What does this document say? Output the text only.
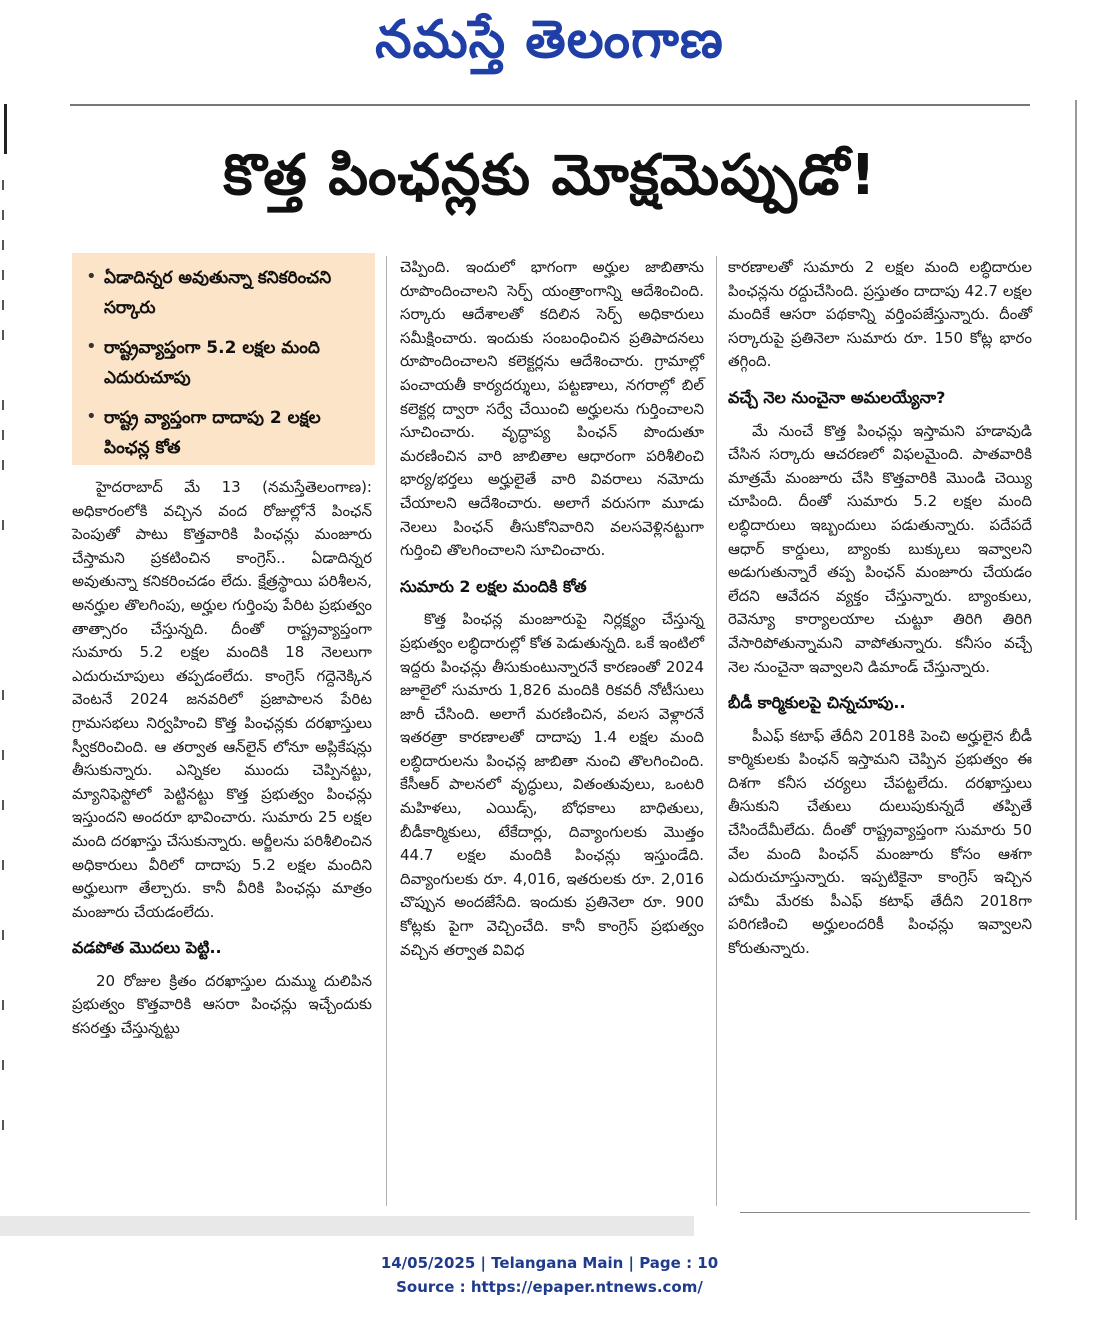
నమస్తే తెలంగాణ
కొత్త పింఛన్లకు మోక్షమెప్పుడో!
• ఏడాదిన్నర అవుతున్నా కనికరించని సర్కారు
• రాష్ట్రవ్యాప్తంగా 5.2 లక్షల మంది ఎదురుచూపు
• రాష్ట్ర వ్యాప్తంగా దాదాపు 2 లక్షల పింఛన్ల కోత

హైదరాబాద్ మే 13 (నమస్తేతెలంగాణ): అధికారంలోకి వచ్చిన వంద రోజుల్లోనే పింఛన్ పెంపుతో పాటు కొత్తవారికి పింఛన్లు మంజూరు చేస్తామని ప్రకటించిన కాంగ్రెస్.. ఏడాదిన్నర అవుతున్నా కనికరించడం లేదు. క్షేత్రస్థాయి పరిశీలన, అనర్హుల తొలగింపు, అర్హుల గుర్తింపు పేరిట ప్రభుత్వం తాత్సారం చేస్తున్నది. దీంతో రాష్ట్రవ్యాప్తంగా సుమారు 5.2 లక్షల మందికి 18 నెలలుగా ఎదురుచూపులు తప్పడంలేదు. కాంగ్రెస్ గద్దెనెక్కిన వెంటనే 2024 జనవరిలో ప్రజాపాలన పేరిట గ్రామసభలు నిర్వహించి కొత్త పింఛన్లకు దరఖాస్తులు స్వీకరించింది. ఆ తర్వాత ఆన్‌లైన్ లోనూ అప్లికేషన్లు తీసుకున్నారు. ఎన్నికల ముందు చెప్పినట్టు, మ్యానిఫెస్టోలో పెట్టినట్టు కొత్త ప్రభుత్వం పింఛన్లు ఇస్తుందని అందరూ భావించారు. సుమారు 25 లక్షల మంది దరఖాస్తు చేసుకున్నారు. అర్జీలను పరిశీలించిన అధికారులు వీరిలో దాదాపు 5.2 లక్షల మందిని అర్హులుగా తేల్చారు. కానీ వీరికి పింఛన్లు మాత్రం మంజూరు చేయడంలేదు.

వడపోత మొదలు పెట్టి..

20 రోజుల క్రితం దరఖాస్తుల దుమ్ము దులిపిన ప్రభుత్వం కొత్తవారికి ఆసరా పింఛన్లు ఇచ్చేందుకు కసరత్తు చేస్తున్నట్టు

చెప్పింది. ఇందులో భాగంగా అర్హుల జాబితాను రూపొందించాలని సెర్ప్ యంత్రాంగాన్ని ఆదేశించింది. సర్కారు ఆదేశాలతో కదిలిన సెర్ప్ అధికారులు సమీక్షించారు. ఇందుకు సంబంధించిన ప్రతిపాదనలు రూపొందించాలని కలెక్టర్లను ఆదేశించారు. గ్రామాల్లో పంచాయతీ కార్యదర్శులు, పట్టణాలు, నగరాల్లో బిల్ కలెక్టర్ల ద్వారా సర్వే చేయించి అర్హులను గుర్తించాలని సూచించారు. వృద్ధాప్య పింఛన్ పొందుతూ మరణించిన వారి జాబితాల ఆధారంగా పరిశీలించి భార్య/భర్తలు అర్హులైతే వారి వివరాలు నమోదు చేయాలని ఆదేశించారు. అలాగే వరుసగా మూడు నెలలు పింఛన్ తీసుకోనివారిని వలసవెళ్లినట్టుగా గుర్తించి తొలగించాలని సూచించారు.

సుమారు 2 లక్షల మందికి కోత

కొత్త పింఛన్ల మంజూరుపై నిర్లక్ష్యం చేస్తున్న ప్రభుత్వం లబ్ధిదారుల్లో కోత పెడుతున్నది. ఒకే ఇంటిలో ఇద్దరు పింఛన్లు తీసుకుంటున్నారనే కారణంతో 2024 జూలైలో సుమారు 1,826 మందికి రికవరీ నోటీసులు జారీ చేసింది. అలాగే మరణించిన, వలస వెళ్లారనే ఇతరత్రా కారణాలతో దాదాపు 1.4 లక్షల మంది లబ్ధిదారులను పింఛన్ల జాబితా నుంచి తొలగించింది. కేసీఆర్ పాలనలో వృద్ధులు, వితంతువులు, ఒంటరి మహిళలు, ఎయిడ్స్, బోధకాలు బాధితులు, బీడీకార్మికులు, టేకేదార్లు, దివ్యాంగులకు మొత్తం 44.7 లక్షల మందికి పింఛన్లు ఇస్తుండేది. దివ్యాంగులకు రూ. 4,016, ఇతరులకు రూ. 2,016 చొప్పున అందజేసేది. ఇందుకు ప్రతినెలా రూ. 900 కోట్లకు పైగా వెచ్చించేది. కానీ కాంగ్రెస్ ప్రభుత్వం వచ్చిన తర్వాత వివిధ

కారణాలతో సుమారు 2 లక్షల మంది లబ్ధిదారుల పింఛన్లను రద్దుచేసింది. ప్రస్తుతం దాదాపు 42.7 లక్షల మందికే ఆసరా పథకాన్ని వర్తింపజేస్తున్నారు. దీంతో సర్కారుపై ప్రతినెలా సుమారు రూ. 150 కోట్ల భారం తగ్గింది.

వచ్చే నెల నుంచైనా అమలయ్యేనా?

మే నుంచే కొత్త పింఛన్లు ఇస్తామని హడావుడి చేసిన సర్కారు ఆచరణలో విఫలమైంది. పాతవారికి మాత్రమే మంజూరు చేసి కొత్తవారికి మొండి చెయ్యి చూపింది. దీంతో సుమారు 5.2 లక్షల మంది లబ్ధిదారులు ఇబ్బందులు పడుతున్నారు. పదేపదే ఆధార్ కార్డులు, బ్యాంకు బుక్కులు ఇవ్వాలని అడుగుతున్నారే తప్ప పింఛన్ మంజూరు చేయడం లేదని ఆవేదన వ్యక్తం చేస్తున్నారు. బ్యాంకులు, రెవెన్యూ కార్యాలయాల చుట్టూ తిరిగి తిరిగి వేసారిపోతున్నామని వాపోతున్నారు. కనీసం వచ్చే నెల నుంచైనా ఇవ్వాలని డిమాండ్ చేస్తున్నారు.

బీడీ కార్మికులపై చిన్నచూపు..

పీఎఫ్ కటాఫ్ తేదీని 2018కి పెంచి అర్హులైన బీడీ కార్మికులకు పింఛన్ ఇస్తామని చెప్పిన ప్రభుత్వం ఈ దిశగా కనీస చర్యలు చేపట్టలేదు. దరఖాస్తులు తీసుకుని చేతులు దులుపుకున్నదే తప్పితే చేసిందేమీలేదు. దీంతో రాష్ట్రవ్యాప్తంగా సుమారు 50 వేల మంది పింఛన్ మంజూరు కోసం ఆశగా ఎదురుచూస్తున్నారు. ఇప్పటికైనా కాంగ్రెస్ ఇచ్చిన హామీ మేరకు పీఎఫ్ కటాఫ్ తేదీని 2018గా పరిగణించి అర్హులందరికీ పింఛన్లు ఇవ్వాలని కోరుతున్నారు.

14/05/2025 | Telangana Main | Page : 10
Source : https://epaper.ntnews.com/
